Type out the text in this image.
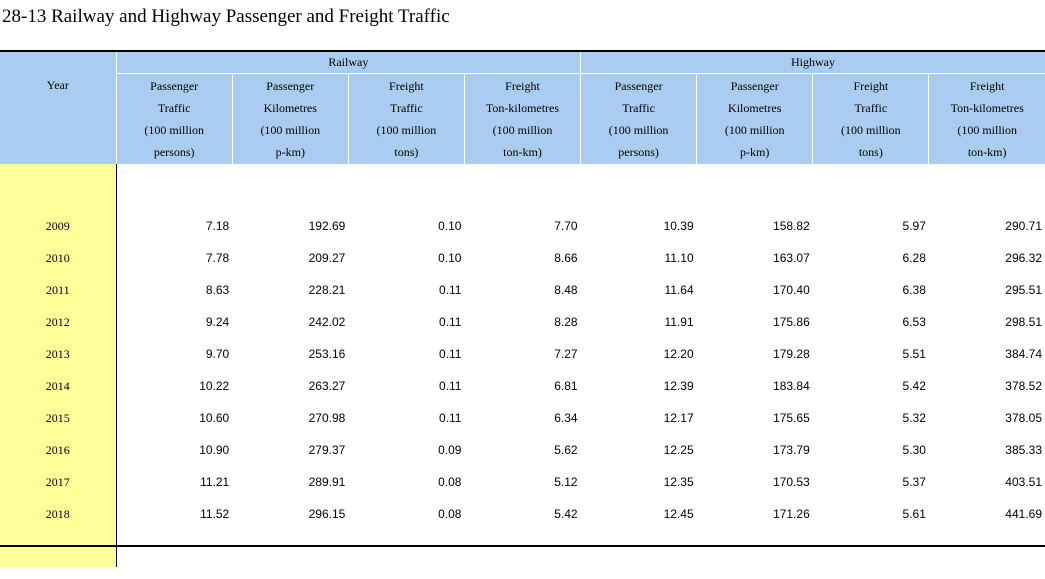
28-13 Railway and Highway Passenger and Freight Traffic
Year	Railway				Highway			

	Passenger
Traffic
(100 million
persons)	Passenger
Kilometres
(100 million
p-km)	Freight
Traffic
(100 million
tons)	Freight
Ton-kilometres
(100 million
ton-km)	Passenger
Traffic
(100 million
persons)	Passenger
Kilometres
(100 million
p-km)	Freight
Traffic
(100 million
tons)	Freight
Ton-kilometres
(100 million
ton-km)

2009	7.18	192.69	0.10	7.70	10.39	158.82	5.97	290.71
2010	7.78	209.27	0.10	8.66	11.10	163.07	6.28	296.32
2011	8.63	228.21	0.11	8.48	11.64	170.40	6.38	295.51
2012	9.24	242.02	0.11	8.28	11.91	175.86	6.53	298.51
2013	9.70	253.16	0.11	7.27	12.20	179.28	5.51	384.74
2014	10.22	263.27	0.11	6.81	12.39	183.84	5.42	378.52
2015	10.60	270.98	0.11	6.34	12.17	175.65	5.32	378.05
2016	10.90	279.37	0.09	5.62	12.25	173.79	5.30	385.33
2017	11.21	289.91	0.08	5.12	12.35	170.53	5.37	403.51
2018	11.52	296.15	0.08	5.42	12.45	171.26	5.61	441.69
